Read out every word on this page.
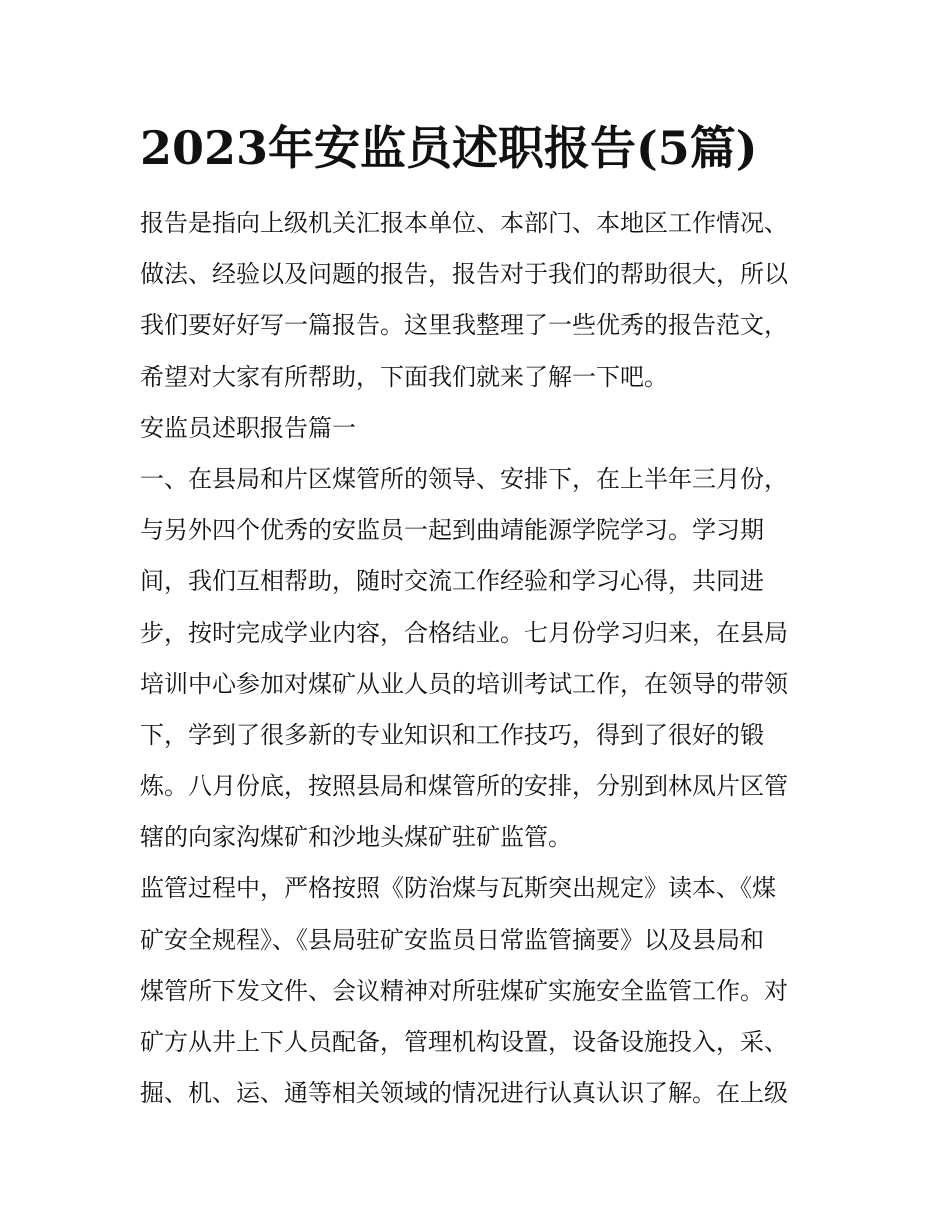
2023年安监员述职报告(5篇)
报告是指向上级机关汇报本单位、本部门、本地区工作情况、
做法、经验以及问题的报告，报告对于我们的帮助很大，所以
我们要好好写一篇报告。这里我整理了一些优秀的报告范文，
希望对大家有所帮助，下面我们就来了解一下吧。
安监员述职报告篇一
一、在县局和片区煤管所的领导、安排下，在上半年三月份，
与另外四个优秀的安监员一起到曲靖能源学院学习。学习期
间，我们互相帮助，随时交流工作经验和学习心得，共同进
步，按时完成学业内容，合格结业。七月份学习归来，在县局
培训中心参加对煤矿从业人员的培训考试工作，在领导的带领
下，学到了很多新的专业知识和工作技巧，得到了很好的锻
炼。八月份底，按照县局和煤管所的安排，分别到林凤片区管
辖的向家沟煤矿和沙地头煤矿驻矿监管。
监管过程中，严格按照《防治煤与瓦斯突出规定》读本、《煤
矿安全规程》、《县局驻矿安监员日常监管摘要》以及县局和
煤管所下发文件、会议精神对所驻煤矿实施安全监管工作。对
矿方从井上下人员配备，管理机构设置，设备设施投入，采、
掘、机、运、通等相关领域的情况进行认真认识了解。在上级
